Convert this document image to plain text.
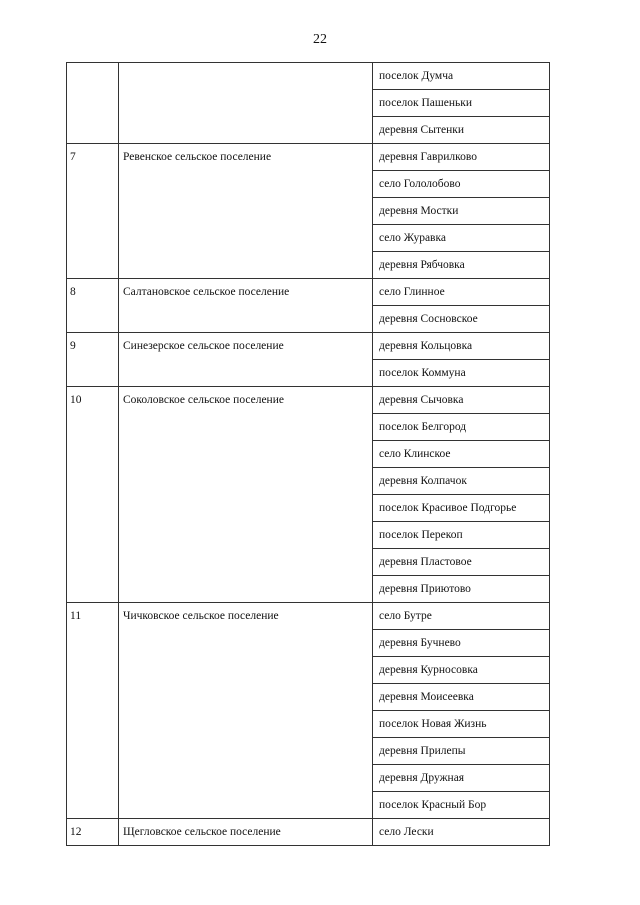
22

		поселок Думча

		поселок Пашеньки

		деревня Сытенки

7	Ревенское сельское поселение	деревня Гаврилково

		село Гололобово

		деревня Мостки

		село Журавка

		деревня Рябчовка

8	Салтановское сельское поселение	село Глинное

		деревня Сосновское

9	Синезерское сельское поселение	деревня Кольцовка

		поселок Коммуна

10	Соколовское сельское поселение	деревня Сычовка

		поселок Белгород

		село Клинское

		деревня Колпачок

		поселок Красивое Подгорье

		поселок Перекоп

		деревня Пластовое

		деревня Приютово

11	Чичковское сельское поселение	село Бутре

		деревня Бучнево

		деревня Курносовка

		деревня Моисеевка

		поселок Новая Жизнь

		деревня Прилепы

		деревня Дружная

		поселок Красный Бор

12	Щегловское сельское поселение	село Лески
